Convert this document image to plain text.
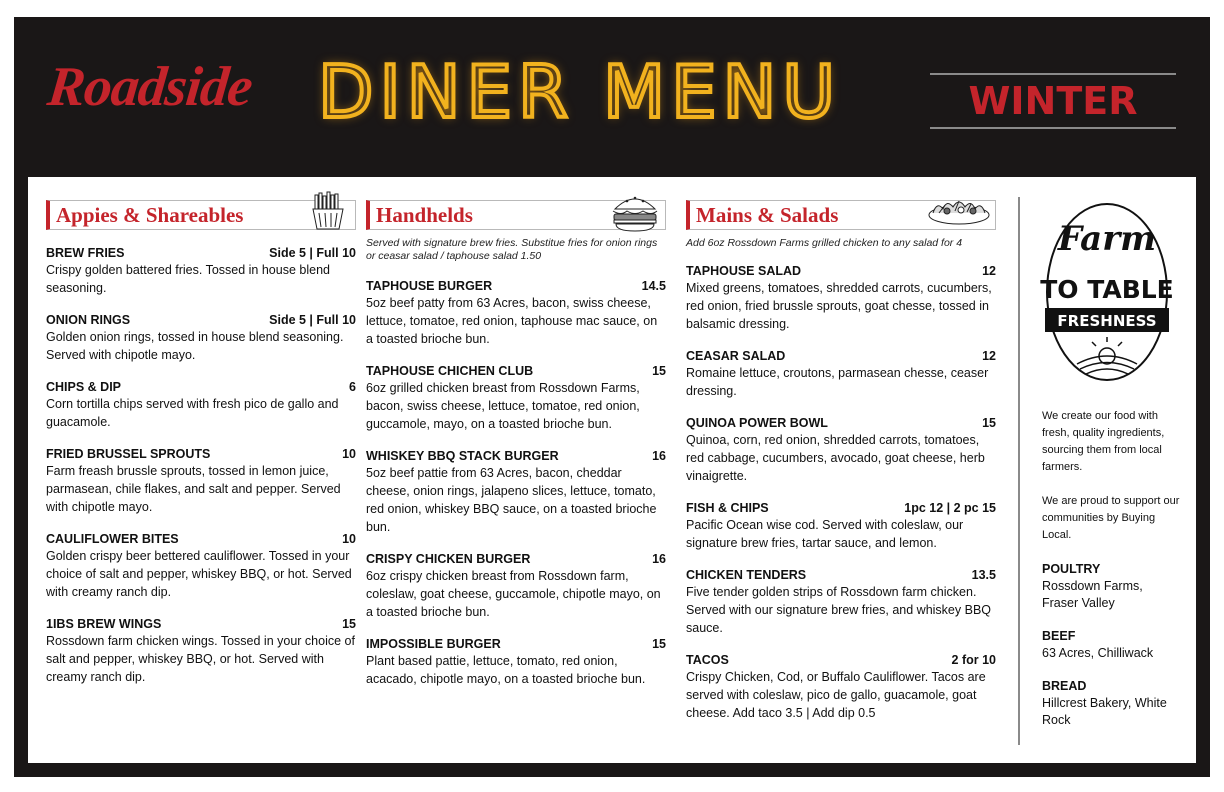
Roadside DINER MENU	WINTER
Appies & Shareables
BREW FRIES	Side 5 | Full 10
Crispy golden battered fries. Tossed in house blend seasoning.
ONION RINGS	Side 5 | Full 10
Golden onion rings, tossed in house blend seasoning. Served with chipotle mayo.
CHIPS & DIP	6
Corn tortilla chips served with fresh pico de gallo and guacamole.
FRIED BRUSSEL SPROUTS	10
Farm freash brussle sprouts, tossed in lemon juice, parmasean, chile flakes, and salt and pepper. Served with chipotle mayo.
CAULIFLOWER BITES	10
Golden crispy beer bettered cauliflower. Tossed in your choice of salt and pepper, whiskey BBQ, or hot. Served with creamy ranch dip.
1IBS BREW WINGS	15
Rossdown farm chicken wings. Tossed in your choice of salt and pepper, whiskey BBQ, or hot. Served with creamy ranch dip.
Handhelds
Served with signature brew fries. Substitue fries for onion rings or ceasar salad / taphouse salad 1.50
TAPHOUSE BURGER	14.5
5oz beef patty from 63 Acres, bacon, swiss cheese, lettuce, tomatoe, red onion, taphouse mac sauce, on a toasted brioche bun.
TAPHOUSE CHICHEN CLUB	15
6oz grilled chicken breast from Rossdown Farms, bacon, swiss cheese, lettuce, tomatoe, red onion, guccamole, mayo, on a toasted brioche bun.
WHISKEY BBQ STACK BURGER	16
5oz beef pattie from 63 Acres, bacon, cheddar cheese, onion rings, jalapeno slices, lettuce, tomato, red onion, whiskey BBQ sauce, on a toasted brioche bun.
CRISPY CHICKEN BURGER	16
6oz crispy chicken breast from Rossdown farm, coleslaw, goat cheese, guccamole, chipotle mayo, on a toasted brioche bun.
IMPOSSIBLE BURGER	15
Plant based pattie, lettuce, tomato, red onion, acacado, chipotle mayo, on a toasted brioche bun.
Mains & Salads
Add 6oz Rossdown Farms grilled chicken to any salad for 4
TAPHOUSE SALAD	12
Mixed greens, tomatoes, shredded carrots, cucumbers, red onion, fried brussle sprouts, goat chesse, tossed in balsamic dressing.
CEASAR SALAD	12
Romaine lettuce, croutons, parmasean chesse, ceaser dressing.
QUINOA POWER BOWL	15
Quinoa, corn, red onion, shredded carrots, tomatoes, red cabbage, cucumbers, avocado, goat cheese, herb vinaigrette.
FISH & CHIPS	1pc 12 | 2 pc 15
Pacific Ocean wise cod. Served with coleslaw, our signature brew fries, tartar sauce, and lemon.
CHICKEN TENDERS	13.5
Five tender golden strips of Rossdown farm chicken. Served with our signature brew fries, and whiskey BBQ sauce.
TACOS	2 for 10
Crispy Chicken, Cod, or Buffalo Cauliflower. Tacos are served with coleslaw, pico de gallo, guacamole, goat cheese. Add taco 3.5 | Add dip 0.5
Farm
TO TABLE
FRESHNESS

We create our food with fresh, quality ingredients, sourcing them from local farmers.

We are proud to support our communities by Buying Local.

POULTRY
Rossdown Farms, Fraser Valley
BEEF
63 Acres, Chilliwack
BREAD
Hillcrest Bakery, White Rock
